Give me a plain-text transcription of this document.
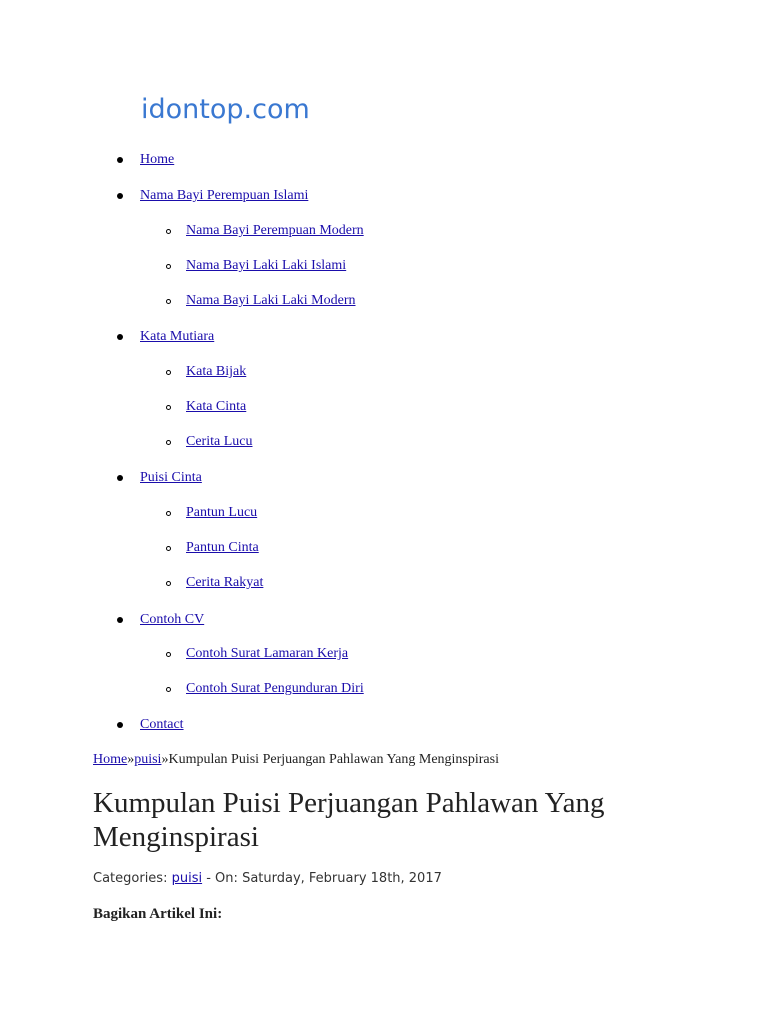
idontop.com
Home
Nama Bayi Perempuan Islami
Nama Bayi Perempuan Modern
Nama Bayi Laki Laki Islami
Nama Bayi Laki Laki Modern
Kata Mutiara
Kata Bijak
Kata Cinta
Cerita Lucu
Puisi Cinta
Pantun Lucu
Pantun Cinta
Cerita Rakyat
Contoh CV
Contoh Surat Lamaran Kerja
Contoh Surat Pengunduran Diri
Contact
Home»puisi»Kumpulan Puisi Perjuangan Pahlawan Yang Menginspirasi
Kumpulan Puisi Perjuangan Pahlawan Yang Menginspirasi
Categories: puisi - On: Saturday, February 18th, 2017
Bagikan Artikel Ini:
